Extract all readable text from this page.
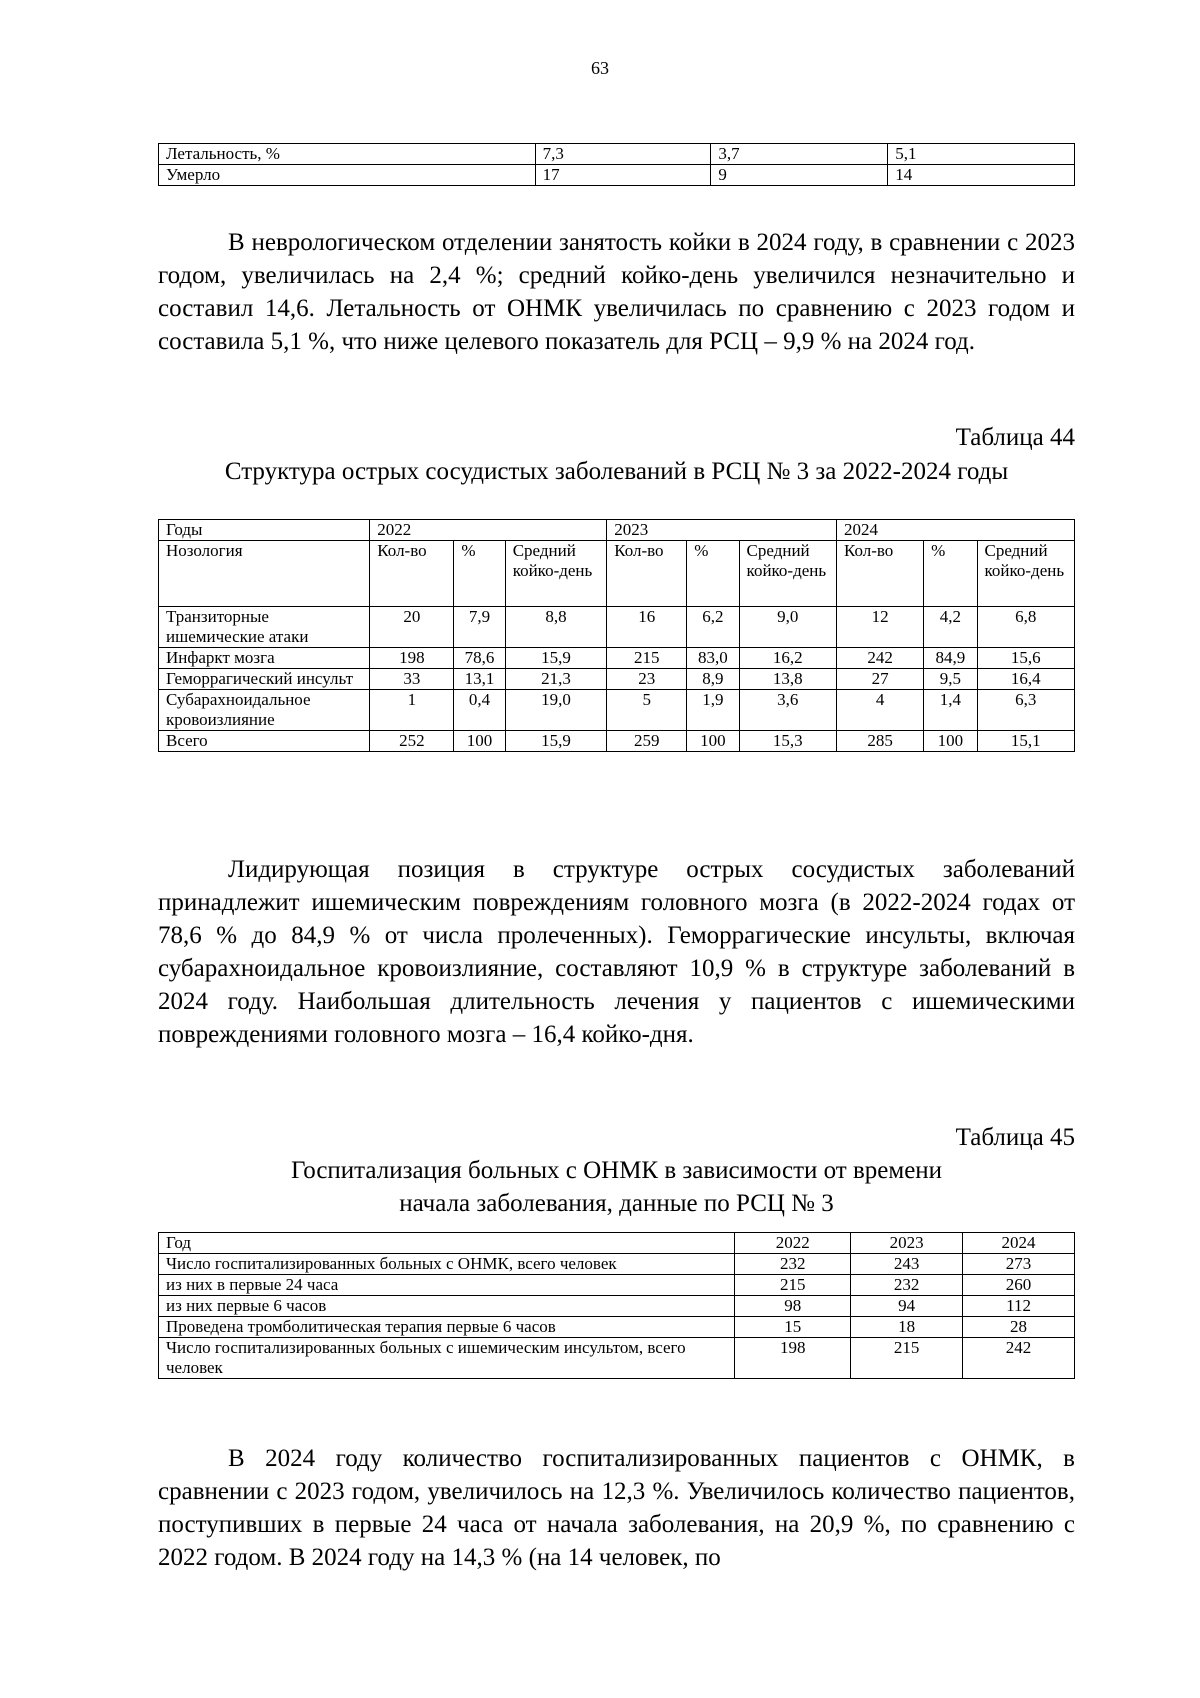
63
Летальность, %	7,3	3,7	5,1
Умерло	17	9	14

В неврологическом отделении занятость койки в 2024 году, в сравнении с 2023 годом, увеличилась на 2,4 %; средний койко-день увеличился незначительно и составил 14,6. Летальность от ОНМК увеличилась по сравнению с 2023 годом и составила 5,1 %, что ниже целевого показатель для РСЦ – 9,9 % на 2024 год.

Таблица 44
Структура острых сосудистых заболеваний в РСЦ № 3 за 2022-2024 годы
Годы	2022			2023			2024		
Нозология	Кол-во	%	Средний койко-день	Кол-во	%	Средний койко-день	Кол-во	%	Средний койко-день
Транзиторные ишемические атаки	20	7,9	8,8	16	6,2	9,0	12	4,2	6,8
Инфаркт мозга	198	78,6	15,9	215	83,0	16,2	242	84,9	15,6
Геморрагический инсульт	33	13,1	21,3	23	8,9	13,8	27	9,5	16,4
Субарахноидальное кровоизлияние	1	0,4	19,0	5	1,9	3,6	4	1,4	6,3
Всего	252	100	15,9	259	100	15,3	285	100	15,1

Лидирующая позиция в структуре острых сосудистых заболеваний принадлежит ишемическим повреждениям головного мозга (в 2022-2024 годах от 78,6 % до 84,9 % от числа пролеченных). Геморрагические инсульты, включая субарахноидальное кровоизлияние, составляют 10,9 % в структуре заболеваний в 2024 году. Наибольшая длительность лечения у пациентов с ишемическими повреждениями головного мозга – 16,4 койко-дня.

Таблица 45
Госпитализация больных с ОНМК в зависимости от времени
начала заболевания, данные по РСЦ № 3
Год	2022	2023	2024
Число госпитализированных больных с ОНМК, всего человек	232	243	273
из них в первые 24 часа	215	232	260
из них первые 6 часов	98	94	112
Проведена тромболитическая терапия первые 6 часов	15	18	28
Число госпитализированных больных с ишемическим инсультом, всего человек	198	215	242

В 2024 году количество госпитализированных пациентов с ОНМК, в сравнении с 2023 годом, увеличилось на 12,3 %. Увеличилось количество пациентов, поступивших в первые 24 часа от начала заболевания, на 20,9 %, по сравнению с 2022 годом. В 2024 году на 14,3 % (на 14 человек, по
